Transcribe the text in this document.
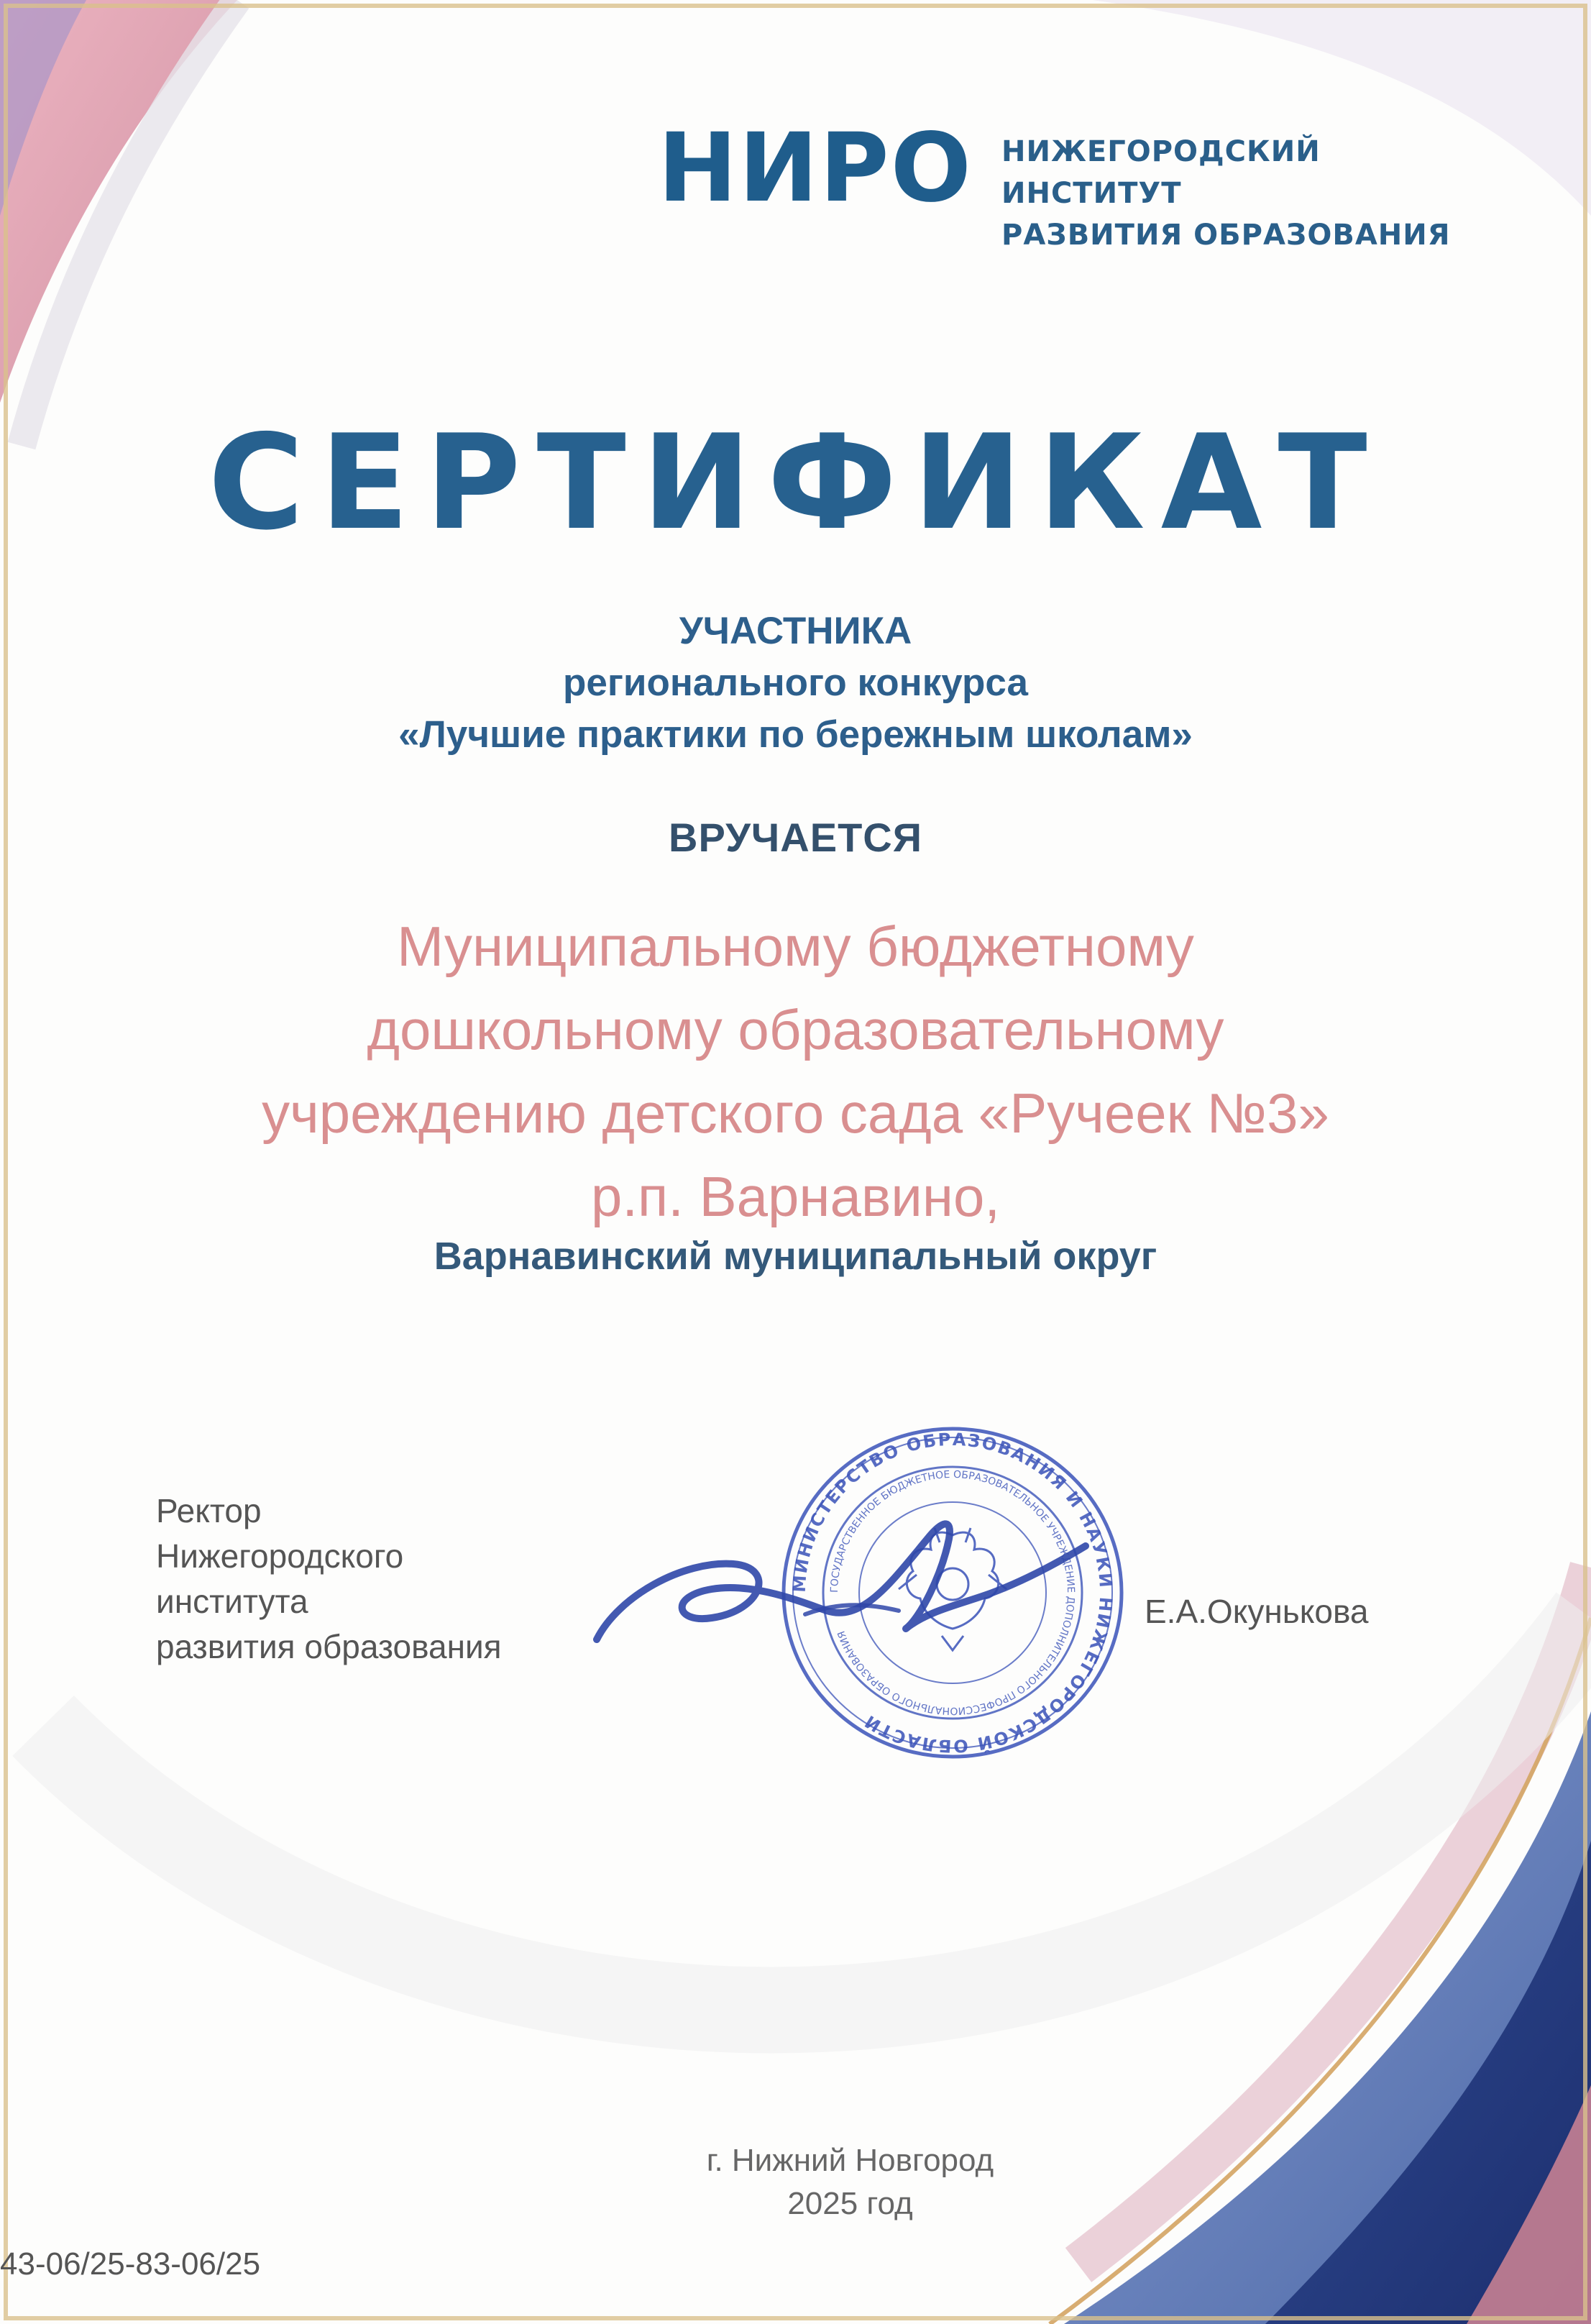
НИРО НИЖЕГОРОДСКИЙ ИНСТИТУТ
РАЗВИТИЯ ОБРАЗОВАНИЯ
СЕРТИФИКАТ
УЧАСТНИКА
регионального конкурса
«Лучшие практики по бережным школам»
ВРУЧАЕТСЯ
Муниципальному бюджетному
дошкольному образовательному
учреждению детского сада «Ручеек №3»
р.п. Варнавино,
Варнавинский муниципальный округ
Ректор
Нижегородского
института
развития образования
МИНИСТЕРСТВО ОБРАЗОВАНИЯ И НАУКИ НИЖЕГОРОДСКОЙ ОБЛАСТИ
ГОСУДАРСТВЕННОЕ БЮДЖЕТНОЕ ОБРАЗОВАТЕЛЬНОЕ УЧРЕЖДЕНИЕ ДОПОЛНИТЕЛЬНОГО ПРОФЕССИОНАЛЬНОГО ОБРАЗОВАНИЯ
Е.А.Окунькова
г. Нижний Новгород
2025 год
43-06/25-83-06/25
